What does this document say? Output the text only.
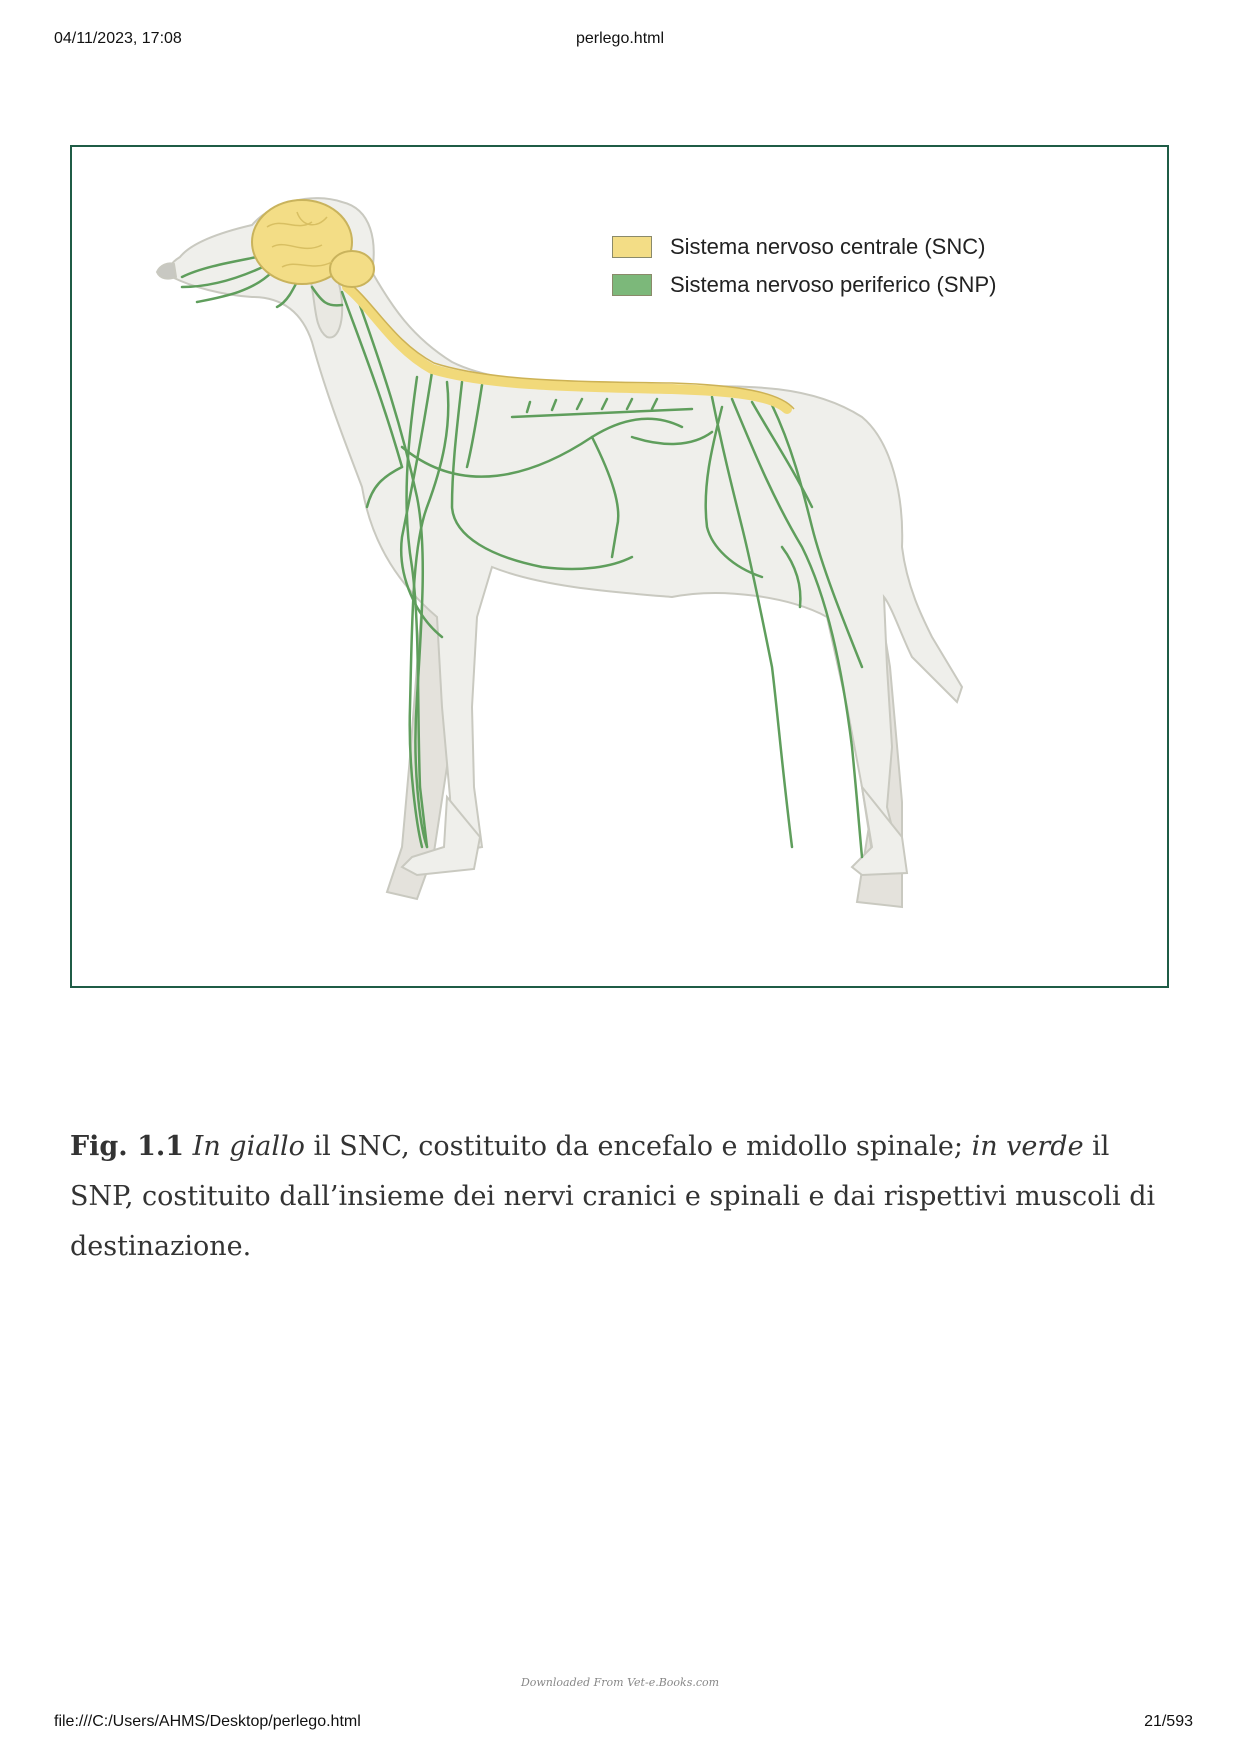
04/11/2023, 17:08	perlego.html
Sistema nervoso centrale (SNC)
Sistema nervoso periferico (SNP)

Fig. 1.1 In giallo il SNC, costituito da encefalo e midollo spinale; in verde il SNP, costituito dall’insieme dei nervi cranici e spinali e dai rispettivi muscoli di destinazione.

Downloaded From Vet-e.Books.com
file:///C:/Users/AHMS/Desktop/perlego.html	21/593
